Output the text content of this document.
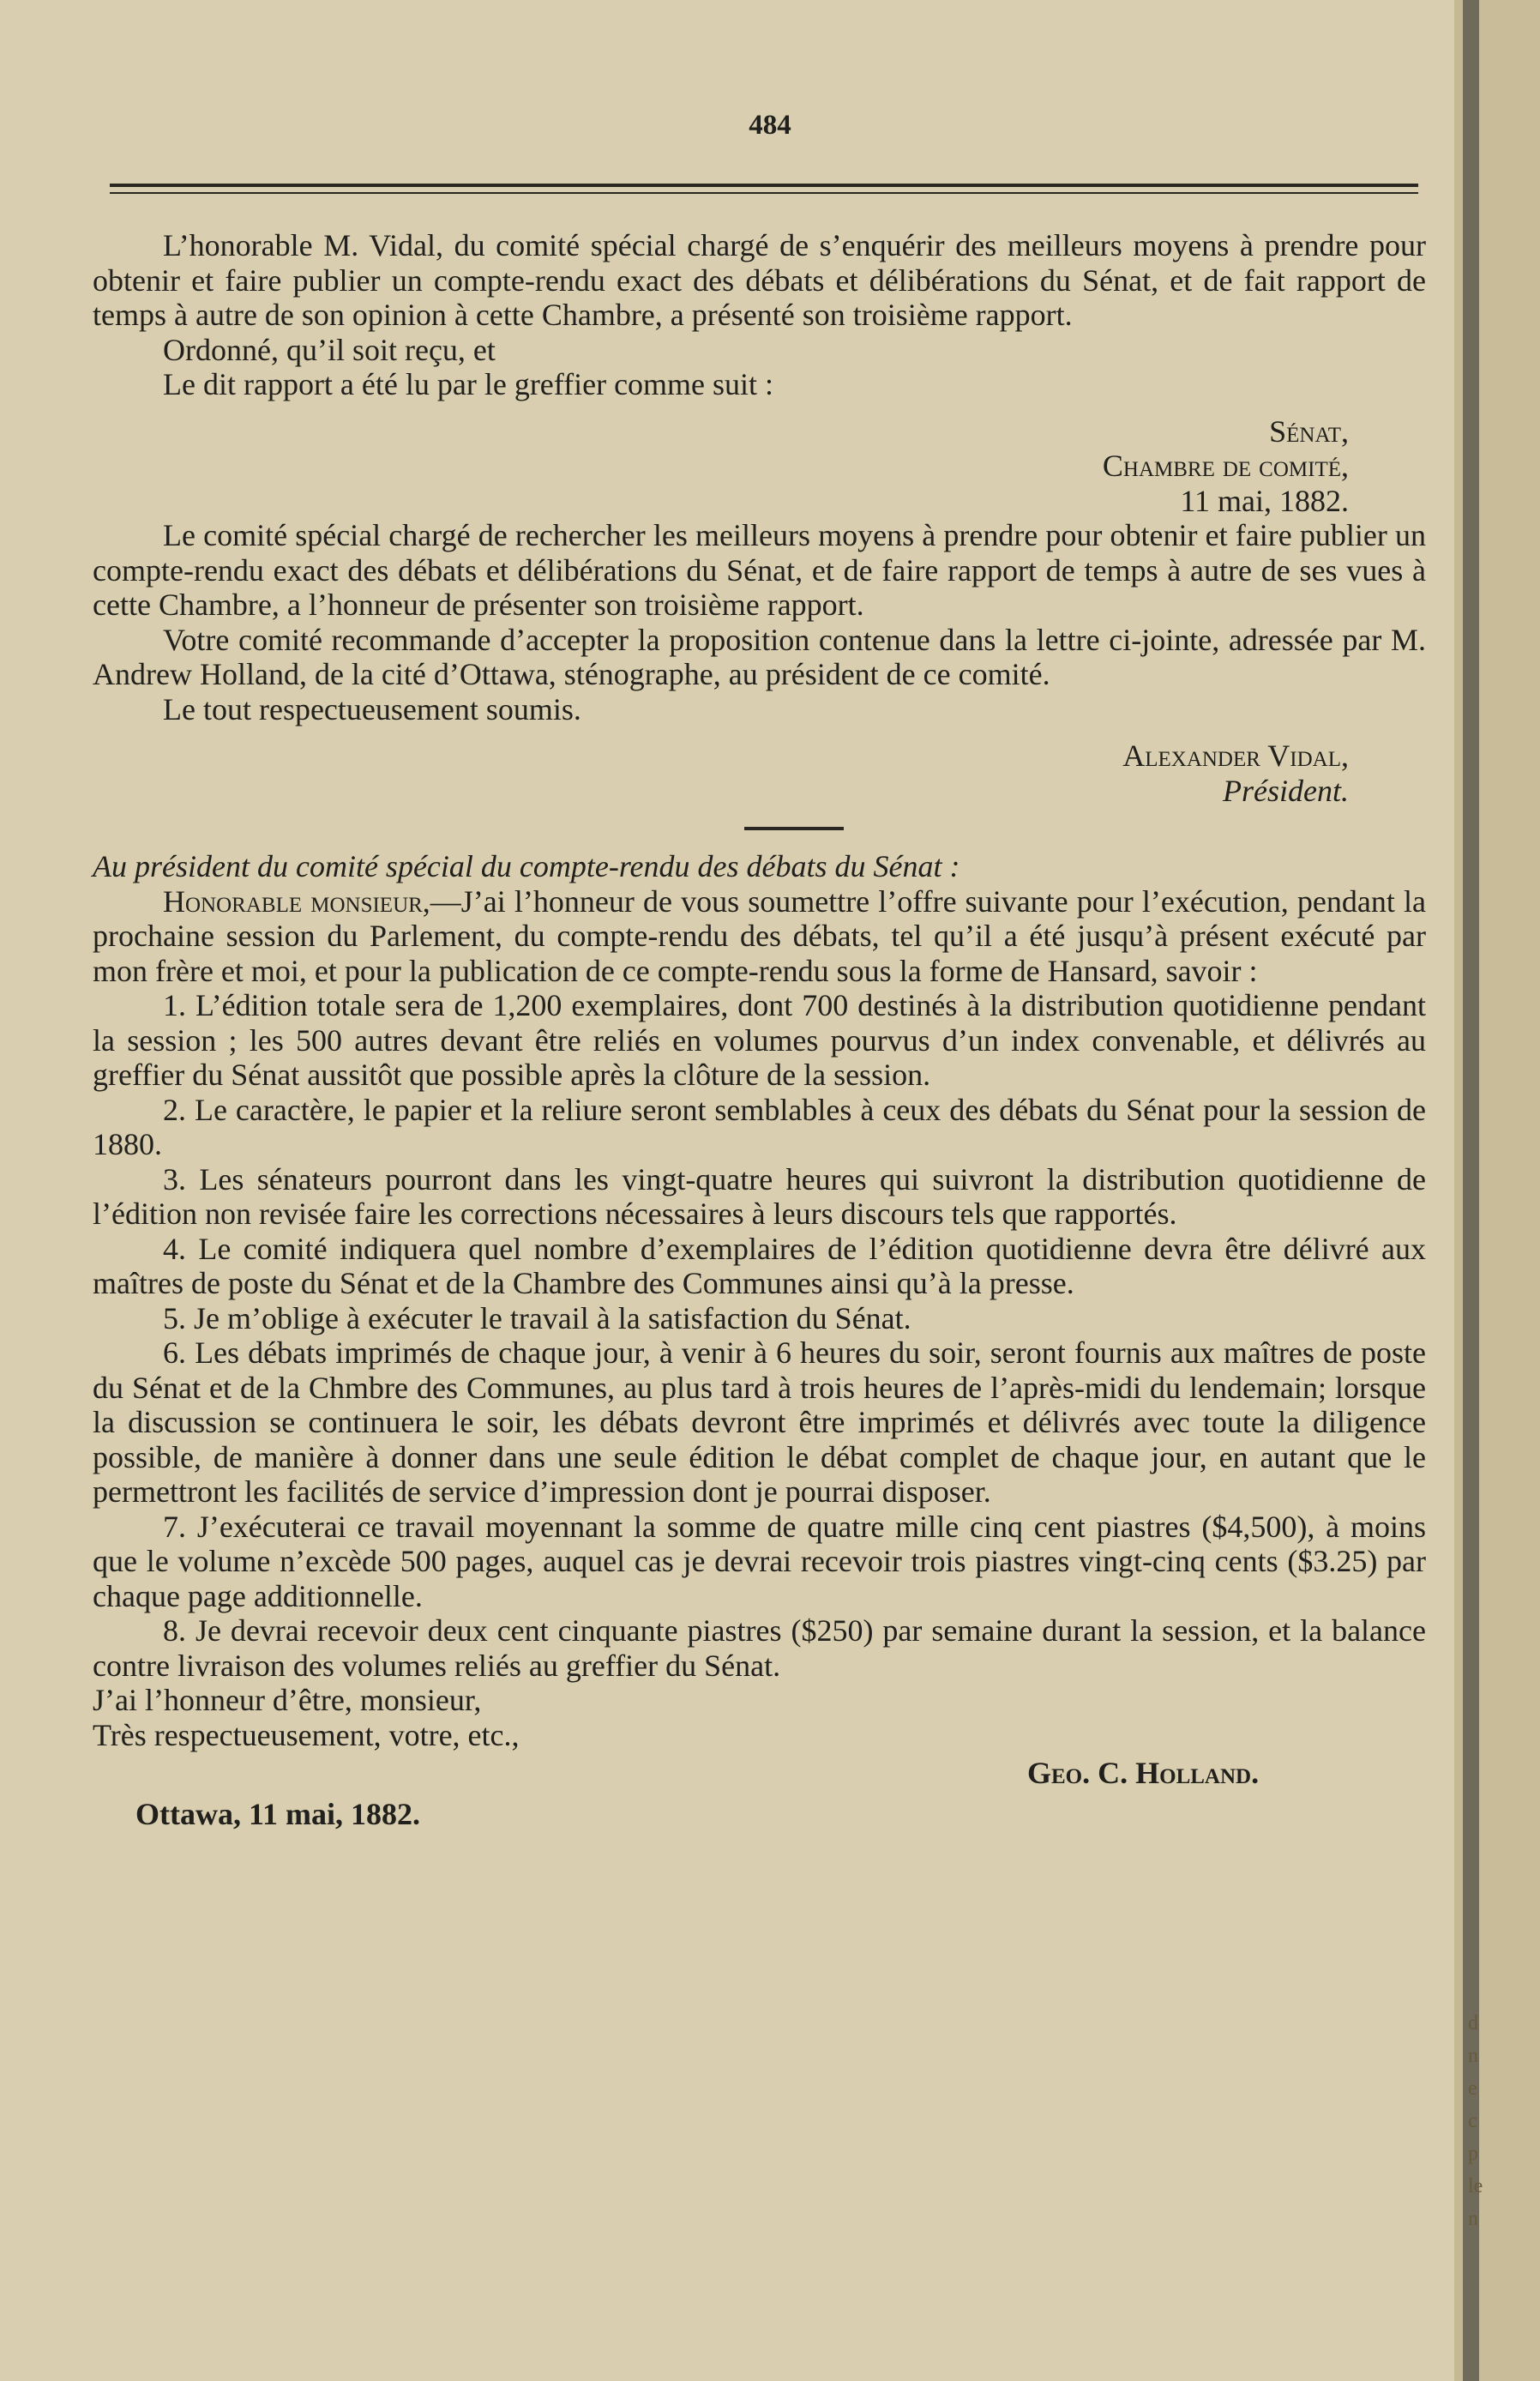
d n e c p le n
484

L’honorable M. Vidal, du comité spécial chargé de s’enquérir des meilleurs moyens à prendre pour obtenir et faire publier un compte-rendu exact des débats et délibérations du Sénat, et de fait rapport de temps à autre de son opinion à cette Chambre, a présenté son troisième rapport.

Ordonné, qu’il soit reçu, et

Le dit rapport a été lu par le greffier comme suit :

Sénat,

Chambre de comité,

11 mai, 1882.

Le comité spécial chargé de rechercher les meilleurs moyens à prendre pour obtenir et faire publier un compte-rendu exact des débats et délibérations du Sénat, et de faire rapport de temps à autre de ses vues à cette Chambre, a l’honneur de présenter son troisième rapport.

Votre comité recommande d’accepter la proposition contenue dans la lettre ci-jointe, adressée par M. Andrew Holland, de la cité d’Ottawa, sténographe, au président de ce comité.

Le tout respectueusement soumis.

Alexander Vidal,

Président.

Au président du comité spécial du compte-rendu des débats du Sénat :

Honorable monsieur,—J’ai l’honneur de vous soumettre l’offre suivante pour l’exécution, pendant la prochaine session du Parlement, du compte-rendu des débats, tel qu’il a été jusqu’à présent exécuté par mon frère et moi, et pour la publication de ce compte-rendu sous la forme de Hansard, savoir :

1. L’édition totale sera de 1,200 exemplaires, dont 700 destinés à la distribution quotidienne pendant la session ; les 500 autres devant être reliés en volumes pourvus d’un index convenable, et délivrés au greffier du Sénat aussitôt que possible après la clôture de la session.

2. Le caractère, le papier et la reliure seront semblables à ceux des débats du Sénat pour la session de 1880.

3. Les sénateurs pourront dans les vingt-quatre heures qui suivront la distribution quotidienne de l’édition non revisée faire les corrections nécessaires à leurs discours tels que rapportés.

4. Le comité indiquera quel nombre d’exemplaires de l’édition quotidienne devra être délivré aux maîtres de poste du Sénat et de la Chambre des Communes ainsi qu’à la presse.

5. Je m’oblige à exécuter le travail à la satisfaction du Sénat.

6. Les débats imprimés de chaque jour, à venir à 6 heures du soir, seront fournis aux maîtres de poste du Sénat et de la Chmbre des Communes, au plus tard à trois heures de l’après-midi du lendemain; lorsque la discussion se continuera le soir, les débats devront être imprimés et délivrés avec toute la diligence possible, de manière à donner dans une seule édition le débat complet de chaque jour, en autant que le permettront les facilités de service d’impression dont je pourrai disposer.

7. J’exécuterai ce travail moyennant la somme de quatre mille cinq cent piastres ($4,500), à moins que le volume n’excède 500 pages, auquel cas je devrai recevoir trois piastres vingt-cinq cents ($3.25) par chaque page additionnelle.

8. Je devrai recevoir deux cent cinquante piastres ($250) par semaine durant la session, et la balance contre livraison des volumes reliés au greffier du Sénat.

J’ai l’honneur d’être, monsieur,

Très respectueusement, votre, etc.,

Geo. C. Holland.
Ottawa, 11 mai, 1882.
